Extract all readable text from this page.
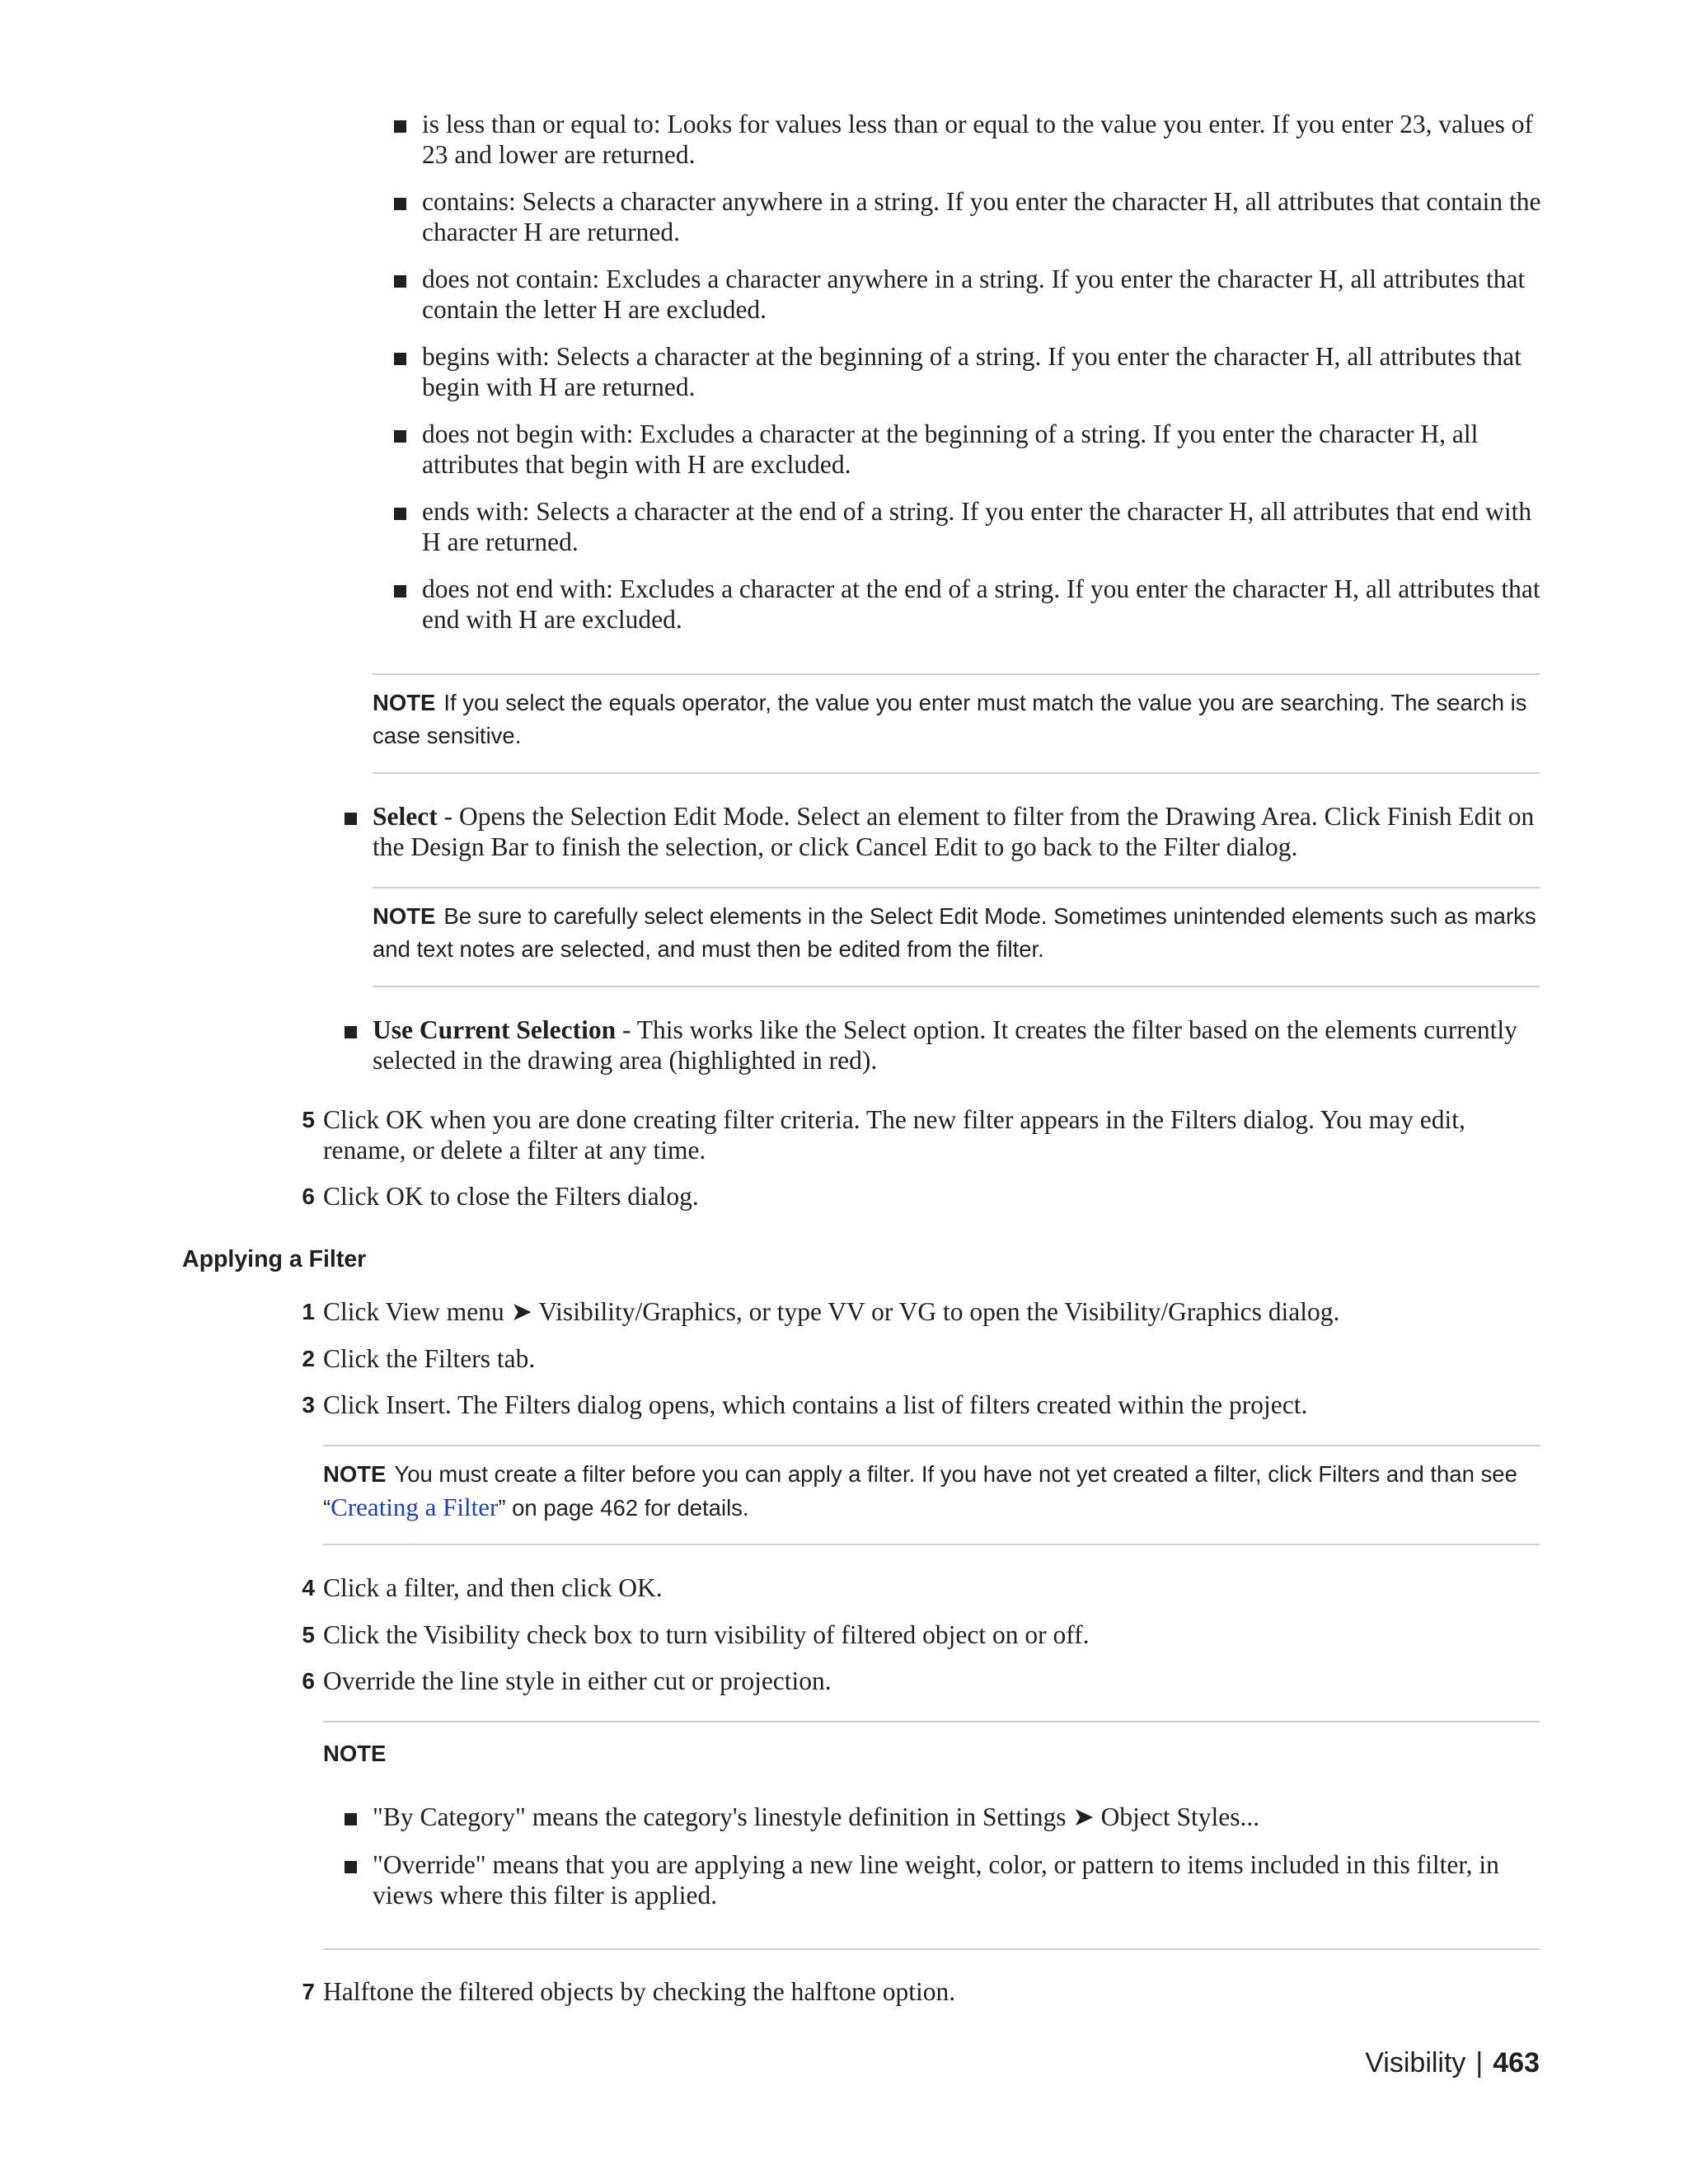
is less than or equal to: Looks for values less than or equal to the value you enter. If you enter 23, values of 23 and lower are returned.
contains: Selects a character anywhere in a string. If you enter the character H, all attributes that contain the character H are returned.
does not contain: Excludes a character anywhere in a string. If you enter the character H, all attributes that contain the letter H are excluded.
begins with: Selects a character at the beginning of a string. If you enter the character H, all attributes that begin with H are returned.
does not begin with: Excludes a character at the beginning of a string. If you enter the character H, all attributes that begin with H are excluded.
ends with: Selects a character at the end of a string. If you enter the character H, all attributes that end with H are returned.
does not end with: Excludes a character at the end of a string. If you enter the character H, all attributes that end with H are excluded.
NOTE If you select the equals operator, the value you enter must match the value you are searching. The search is case sensitive.
Select - Opens the Selection Edit Mode. Select an element to filter from the Drawing Area. Click Finish Edit on the Design Bar to finish the selection, or click Cancel Edit to go back to the Filter dialog.
NOTE Be sure to carefully select elements in the Select Edit Mode. Sometimes unintended elements such as marks and text notes are selected, and must then be edited from the filter.
Use Current Selection - This works like the Select option. It creates the filter based on the elements currently selected in the drawing area (highlighted in red).
5 Click OK when you are done creating filter criteria. The new filter appears in the Filters dialog. You may edit, rename, or delete a filter at any time.
6 Click OK to close the Filters dialog.
Applying a Filter
1 Click View menu ➤ Visibility/Graphics, or type VV or VG to open the Visibility/Graphics dialog.
2 Click the Filters tab.
3 Click Insert. The Filters dialog opens, which contains a list of filters created within the project.
NOTE You must create a filter before you can apply a filter. If you have not yet created a filter, click Filters and than see “Creating a Filter” on page 462 for details.
4 Click a filter, and then click OK.
5 Click the Visibility check box to turn visibility of filtered object on or off.
6 Override the line style in either cut or projection.
NOTE
"By Category" means the category's linestyle definition in Settings ➤ Object Styles...
"Override" means that you are applying a new line weight, color, or pattern to items included in this filter, in views where this filter is applied.
7 Halftone the filtered objects by checking the halftone option.
Visibility | 463
